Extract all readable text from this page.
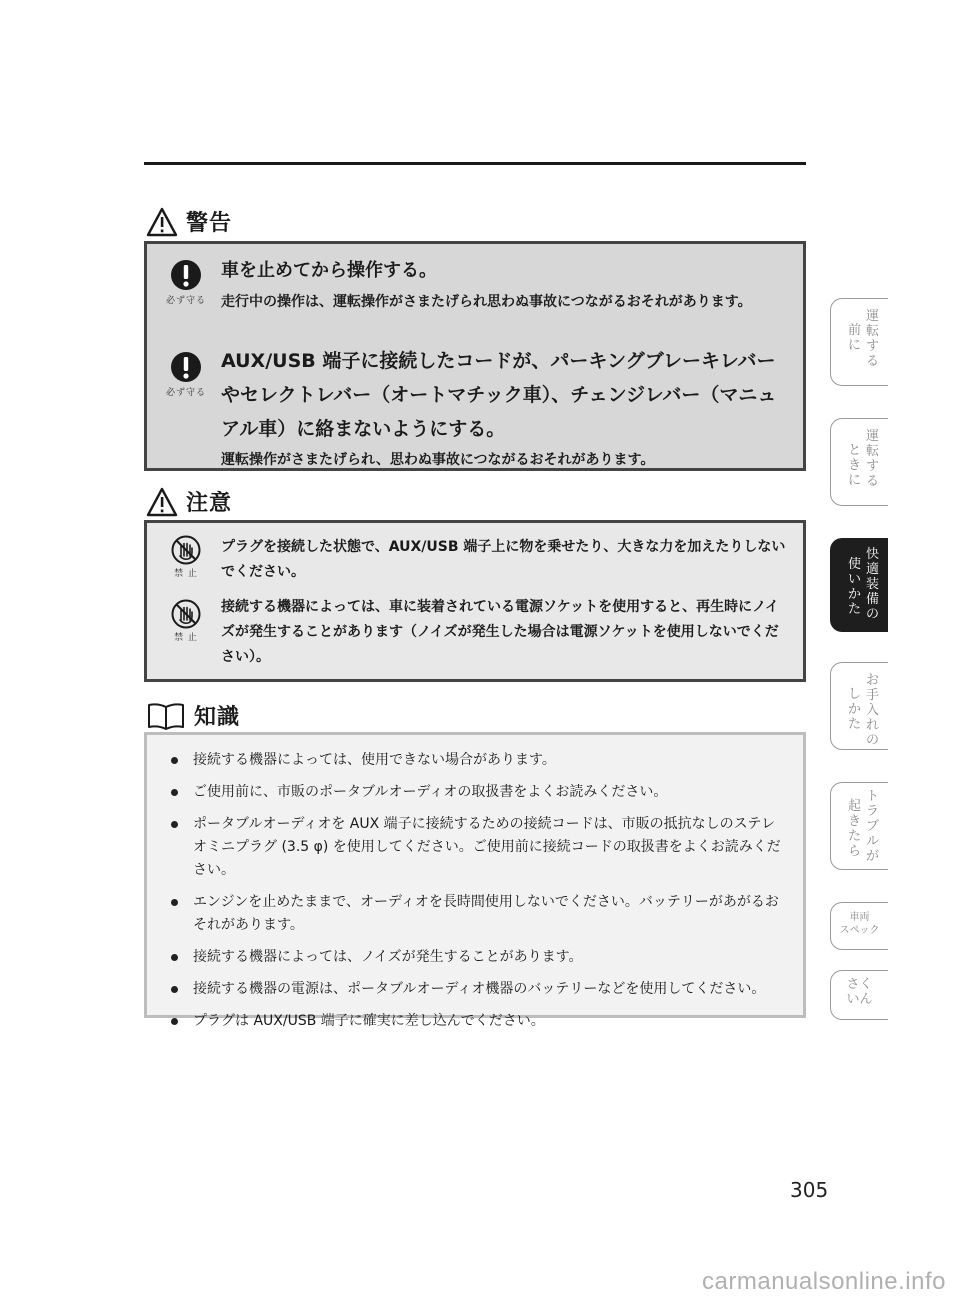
警告
必ず守る
車を止めてから操作する。
走行中の操作は、運転操作がさまたげられ思わぬ事故につながるおそれがあります。
必ず守る
AUX/USB 端子に接続したコードが、パーキングブレーキレバーやセレクトレバー（オートマチック車）、チェンジレバー（マニュアル車）に絡まないようにする。
運転操作がさまたげられ、思わぬ事故につながるおそれがあります。
注意
禁 止
プラグを接続した状態で、AUX/USB 端子上に物を乗せたり、大きな力を加えたりしないでください。
禁 止
接続する機器によっては、車に装着されている電源ソケットを使用すると、再生時にノイズが発生することがあります（ノイズが発生した場合は電源ソケットを使用しないでください）。
知識
接続する機器によっては、使用できない場合があります。
ご使用前に、市販のポータブルオーディオの取扱書をよくお読みください。
ポータブルオーディオを AUX 端子に接続するための接続コードは、市販の抵抗なしのステレオミニプラグ (3.5 φ) を使用してください。ご使用前に接続コードの取扱書をよくお読みください。
エンジンを止めたままで、オーディオを長時間使用しないでください。バッテリーがあがるおそれがあります。
接続する機器によっては、ノイズが発生することがあります。
接続する機器の電源は、ポータブルオーディオ機器のバッテリーなどを使用してください。
プラグは AUX/USB 端子に確実に差し込んでください。
運転する
前に
運転する
ときに
快適装備の
使いかた
お手入れの
しかた
トラブルが
起きたら
車両
スペック
さく
いん
305
carmanualsonline.info
